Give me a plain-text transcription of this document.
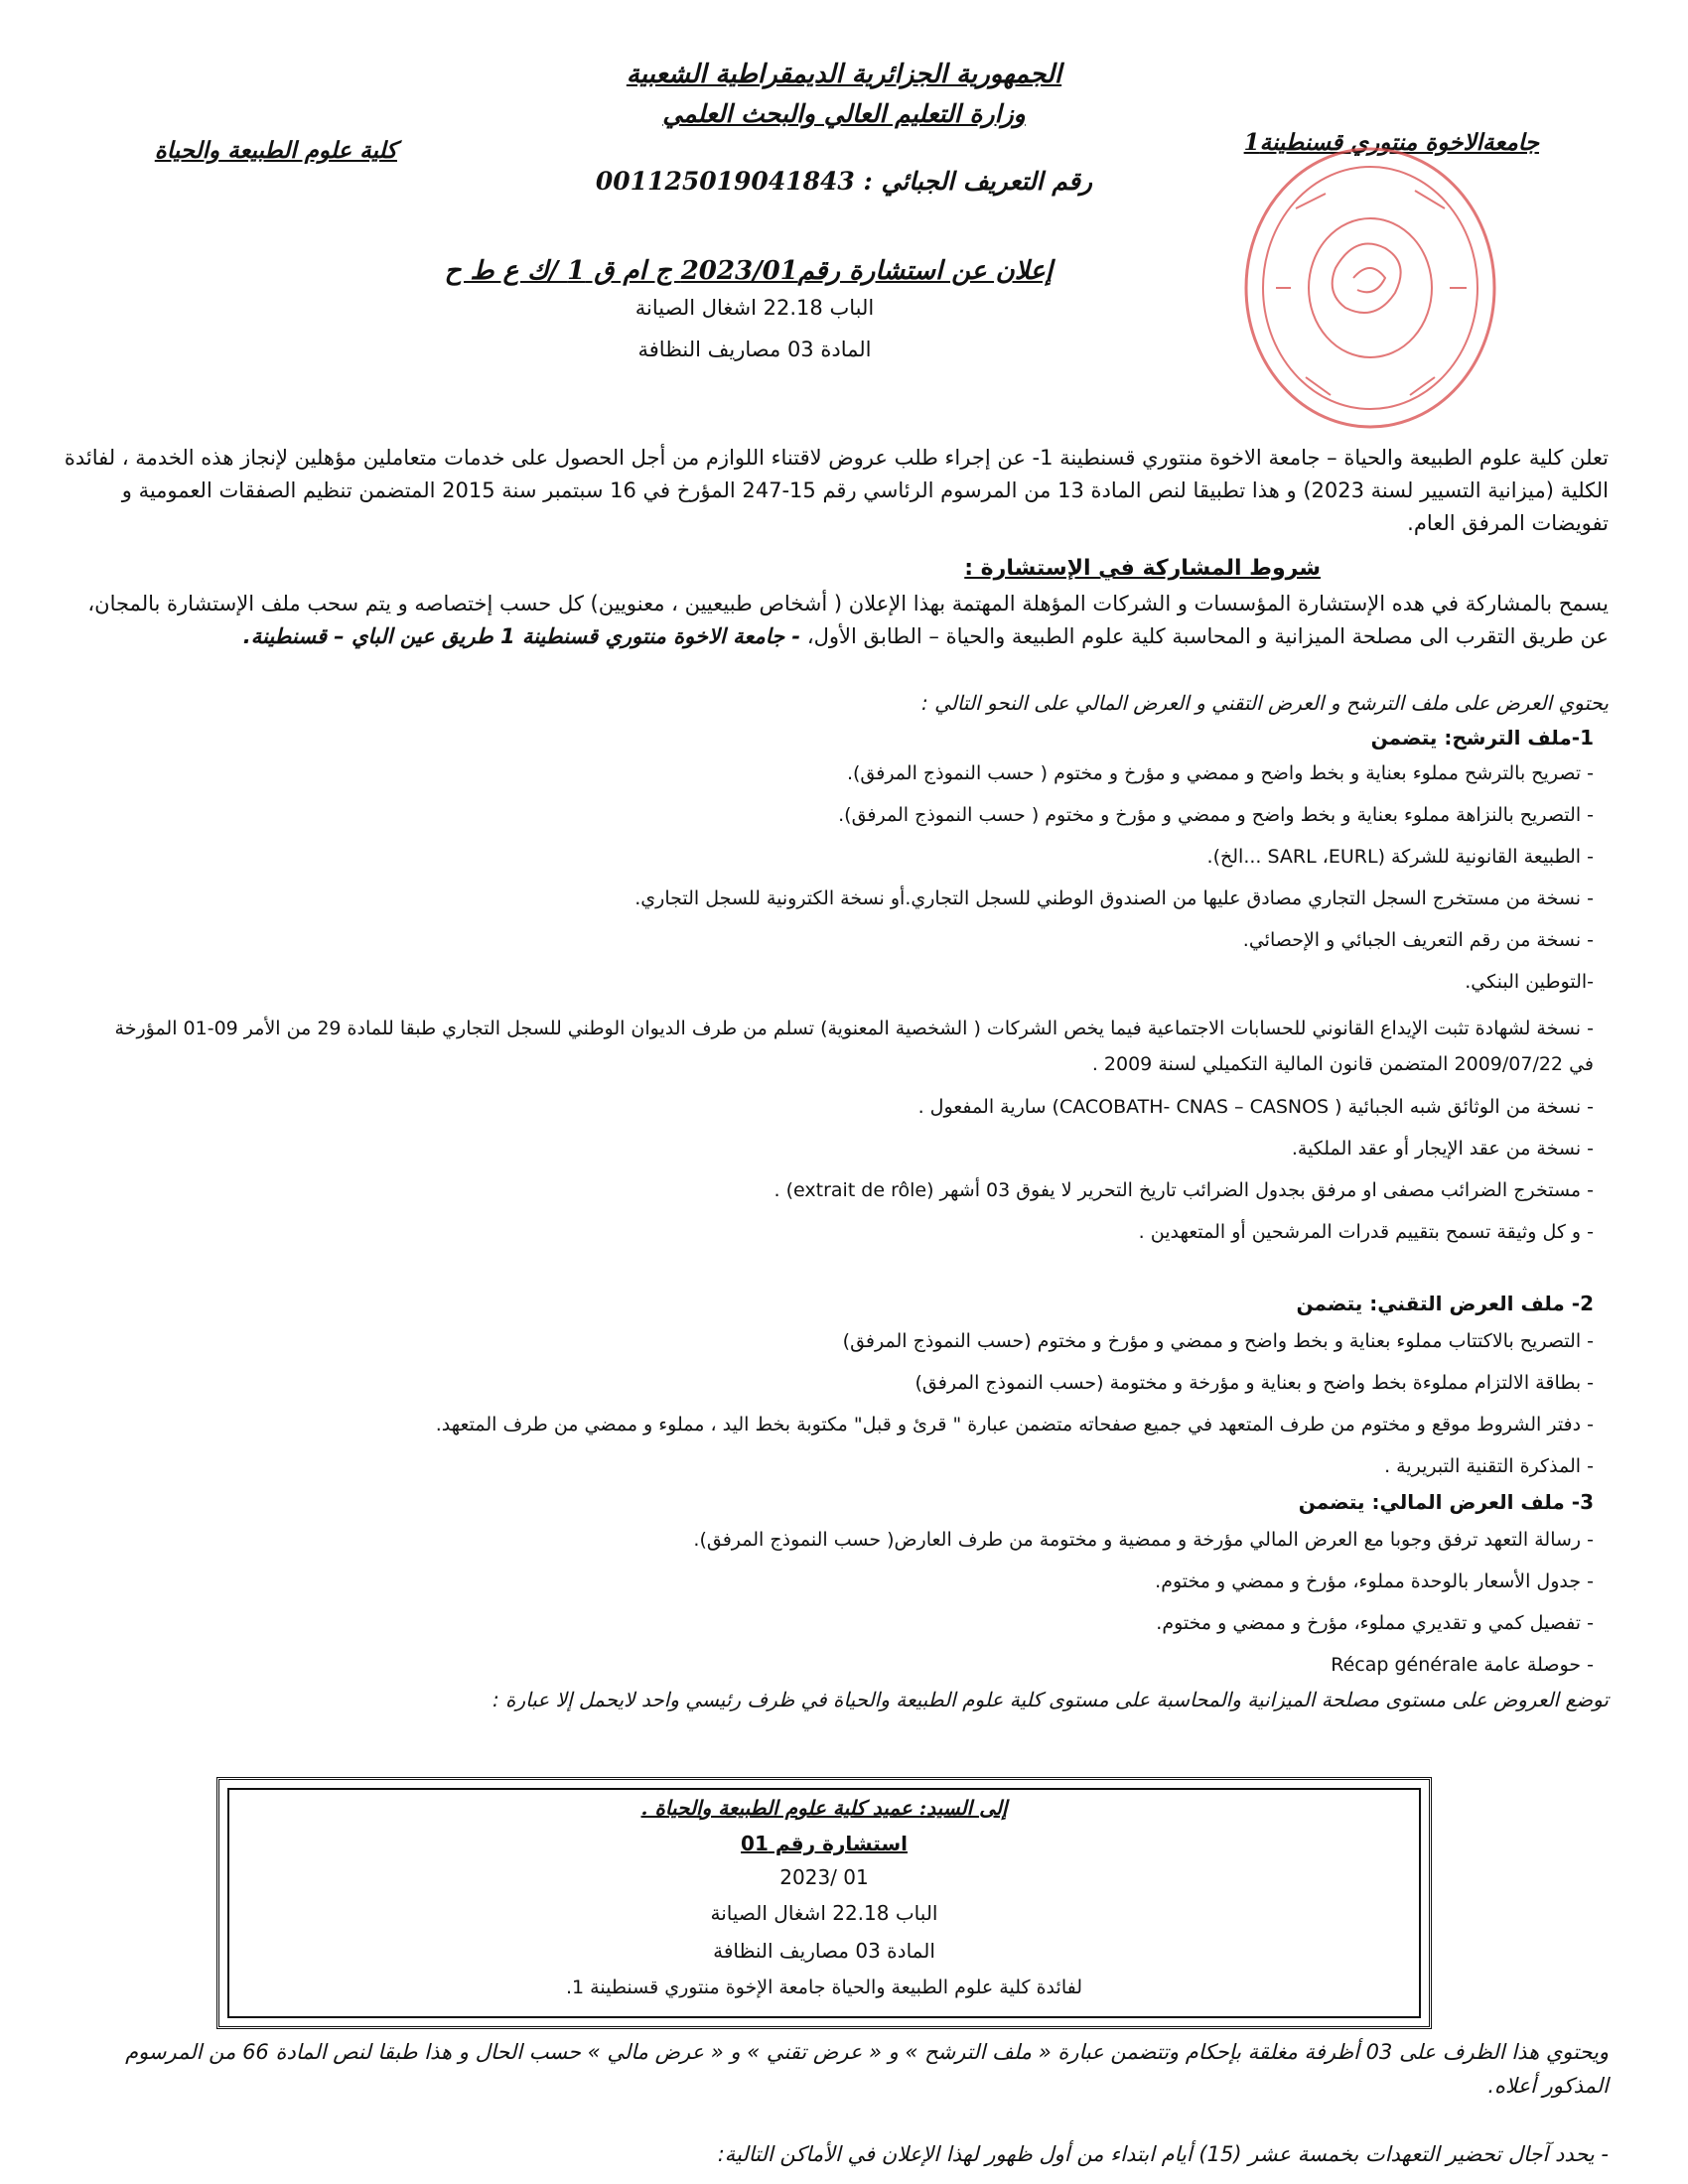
الجمهورية الجزائرية الديمقراطية الشعبية
وزارة التعليم العالي والبحث العلمي
جامعةالاخوة منتوري قسنطينة1
كلية علوم الطبيعة والحياة
رقم التعريف الجبائي : 001125019041843
إعلان عن استشارة رقم2023/01 ج ام ق 1 /ك ع ط ح
الباب 22.18 اشغال الصيانة
المادة 03 مصاريف النظافة
تعلن كلية علوم الطبيعة والحياة – جامعة الاخوة منتوري قسنطينة 1- عن إجراء طلب عروض لاقتناء اللوازم من أجل الحصول على خدمات متعاملين مؤهلين لإنجاز هذه الخدمة ، لفائدة الكلية (ميزانية التسيير لسنة 2023) و هذا تطبيقا لنص المادة 13 من المرسوم الرئاسي رقم 15-247 المؤرخ في 16 سبتمبر سنة 2015 المتضمن تنظيم الصفقات العمومية و تفويضات المرفق العام.
شروط المشاركة في الإستشارة :
يسمح بالمشاركة في هده الإستشارة المؤسسات و الشركات المؤهلة المهتمة بهذا الإعلان ( أشخاص طبيعيين ، معنويين) كل حسب إختصاصه و يتم سحب ملف الإستشارة بالمجان، عن طريق التقرب الى مصلحة الميزانية و المحاسبة كلية علوم الطبيعة والحياة – الطابق الأول، - جامعة الاخوة منتوري قسنطينة 1 طريق عين الباي – قسنطينة.
يحتوي العرض على ملف الترشح و العرض التقني و العرض المالي على النحو التالي :
1-ملف الترشح: يتضمن
- تصريح بالترشح مملوء بعناية و بخط واضح و ممضي و مؤرخ و مختوم ( حسب النموذج المرفق).
- التصريح بالنزاهة مملوء بعناية و بخط واضح و ممضي و مؤرخ و مختوم ( حسب النموذج المرفق).
- الطبيعة القانونية للشركة (SARL ،EURL ...الخ).
- نسخة من مستخرج السجل التجاري مصادق عليها من الصندوق الوطني للسجل التجاري.أو نسخة الكترونية للسجل التجاري.
- نسخة من رقم التعريف الجبائي و الإحصائي.
-التوطين البنكي.
- نسخة لشهادة تثبت الإيداع القانوني للحسابات الاجتماعية فيما يخص الشركات ( الشخصية المعنوية) تسلم من طرف الديوان الوطني للسجل التجاري طبقا للمادة 29 من الأمر 09-01 المؤرخة في 2009/07/22 المتضمن قانون المالية التكميلي لسنة 2009 .
- نسخة من الوثائق شبه الجبائية ( CACOBATH- CNAS – CASNOS) سارية المفعول .
- نسخة من عقد الإيجار أو عقد الملكية.
- مستخرج الضرائب مصفى او مرفق بجدول الضرائب تاريخ التحرير لا يفوق 03 أشهر (extrait de rôle) .
- و كل وثيقة تسمح بتقييم قدرات المرشحين أو المتعهدين .
2- ملف العرض التقني: يتضمن
- التصريح بالاكتتاب مملوء بعناية و بخط واضح و ممضي و مؤرخ و مختوم (حسب النموذج المرفق)
- بطاقة الالتزام مملوءة بخط واضح و بعناية و مؤرخة و مختومة (حسب النموذج المرفق)
- دفتر الشروط موقع و مختوم من طرف المتعهد في جميع صفحاته متضمن عبارة " قرئ و قبل" مكتوبة بخط اليد ، مملوء و ممضي من طرف المتعهد.
- المذكرة التقنية التبريرية .
3- ملف العرض المالي: يتضمن
- رسالة التعهد ترفق وجوبا مع العرض المالي مؤرخة و ممضية و مختومة من طرف العارض( حسب النموذج المرفق).
- جدول الأسعار بالوحدة مملوء، مؤرخ و ممضي و مختوم.
- تفصيل كمي و تقديري مملوء، مؤرخ و ممضي و مختوم.
- حوصلة عامة Récap générale
توضع العروض على مستوى مصلحة الميزانية والمحاسبة على مستوى كلية علوم الطبيعة والحياة في ظرف رئيسي واحد لايحمل إلا عبارة :
إلى السيد: عميد كلية علوم الطبيعة والحياة .
استشارة رقم 01
2023/ 01
الباب 22.18 اشغال الصيانة
المادة 03 مصاريف النظافة
لفائدة كلية علوم الطبيعة والحياة جامعة الإخوة منتوري قسنطينة 1.
ويحتوي هذا الظرف على 03 أظرفة مغلقة بإحكام وتتضمن عبارة « ملف الترشح » و « عرض تقني » و « عرض مالي » حسب الحال و هذا طبقا لنص المادة 66 من المرسوم المذكور أعلاه.
- يحدد آجال تحضير التعهدات بخمسة عشر (15) أيام ابتداء من أول ظهور لهذا الإعلان في الأماكن التالية:
